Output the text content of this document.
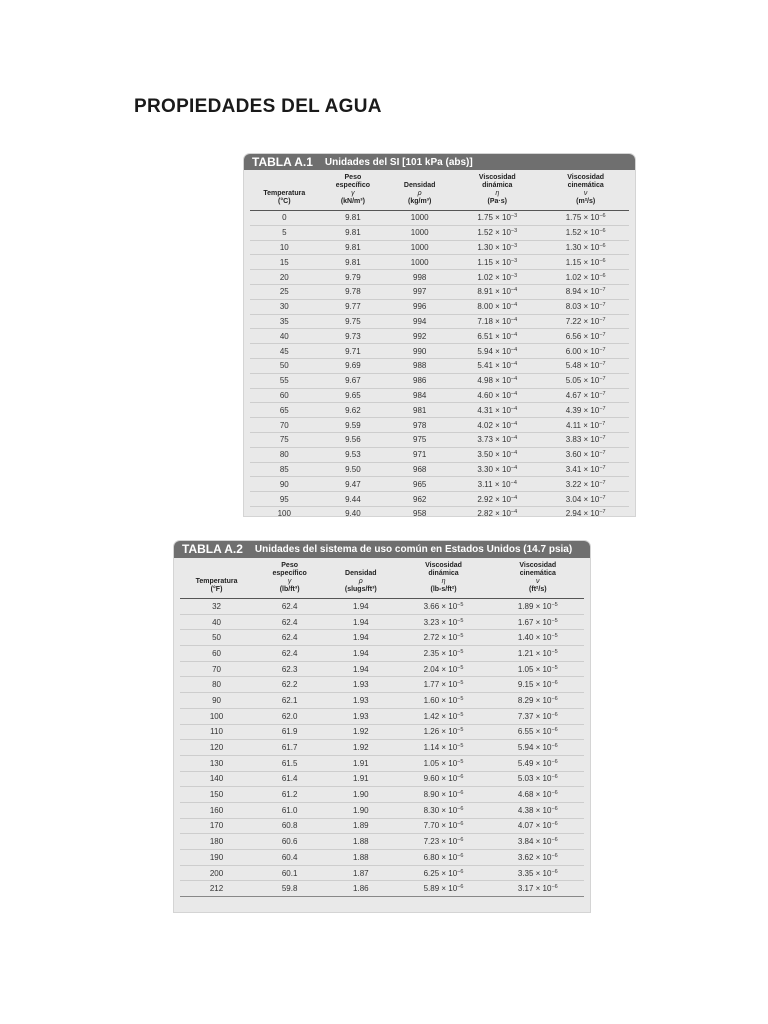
PROPIEDADES DEL AGUA
TABLA A.1 Unidades del SI [101 kPa (abs)]
Temperatura
(°C)	Peso
específico
γ
(kN/m³)	Densidad
ρ
(kg/m³)	Viscosidad
dinámica
η
(Pa·s)	Viscosidad
cinemática
ν
(m²/s)
0	9.81	1000	$1.75 \times 10^{-3}$	$1.75 \times 10^{-6}$
5	9.81	1000	$1.52 \times 10^{-3}$	$1.52 \times 10^{-6}$
10	9.81	1000	$1.30 \times 10^{-3}$	$1.30 \times 10^{-6}$
15	9.81	1000	$1.15 \times 10^{-3}$	$1.15 \times 10^{-6}$
20	9.79	998	$1.02 \times 10^{-3}$	$1.02 \times 10^{-6}$
25	9.78	997	$8.91 \times 10^{-4}$	$8.94 \times 10^{-7}$
30	9.77	996	$8.00 \times 10^{-4}$	$8.03 \times 10^{-7}$
35	9.75	994	$7.18 \times 10^{-4}$	$7.22 \times 10^{-7}$
40	9.73	992	$6.51 \times 10^{-4}$	$6.56 \times 10^{-7}$
45	9.71	990	$5.94 \times 10^{-4}$	$6.00 \times 10^{-7}$
50	9.69	988	$5.41 \times 10^{-4}$	$5.48 \times 10^{-7}$
55	9.67	986	$4.98 \times 10^{-4}$	$5.05 \times 10^{-7}$
60	9.65	984	$4.60 \times 10^{-4}$	$4.67 \times 10^{-7}$
65	9.62	981	$4.31 \times 10^{-4}$	$4.39 \times 10^{-7}$
70	9.59	978	$4.02 \times 10^{-4}$	$4.11 \times 10^{-7}$
75	9.56	975	$3.73 \times 10^{-4}$	$3.83 \times 10^{-7}$
80	9.53	971	$3.50 \times 10^{-4}$	$3.60 \times 10^{-7}$
85	9.50	968	$3.30 \times 10^{-4}$	$3.41 \times 10^{-7}$
90	9.47	965	$3.11 \times 10^{-4}$	$3.22 \times 10^{-7}$
95	9.44	962	$2.92 \times 10^{-4}$	$3.04 \times 10^{-7}$
100	9.40	958	$2.82 \times 10^{-4}$	$2.94 \times 10^{-7}$
TABLA A.2 Unidades del sistema de uso común en Estados Unidos (14.7 psia)
Temperatura
(°F)	Peso
específico
γ
(lb/ft³)	Densidad
ρ
(slugs/ft³)	Viscosidad
dinámica
η
(lb-s/ft²)	Viscosidad
cinemática
ν
(ft²/s)
32	62.4	1.94	$3.66 \times 10^{-5}$	$1.89 \times 10^{-5}$
40	62.4	1.94	$3.23 \times 10^{-5}$	$1.67 \times 10^{-5}$
50	62.4	1.94	$2.72 \times 10^{-5}$	$1.40 \times 10^{-5}$
60	62.4	1.94	$2.35 \times 10^{-5}$	$1.21 \times 10^{-5}$
70	62.3	1.94	$2.04 \times 10^{-5}$	$1.05 \times 10^{-5}$
80	62.2	1.93	$1.77 \times 10^{-5}$	$9.15 \times 10^{-6}$
90	62.1	1.93	$1.60 \times 10^{-5}$	$8.29 \times 10^{-6}$
100	62.0	1.93	$1.42 \times 10^{-5}$	$7.37 \times 10^{-6}$
110	61.9	1.92	$1.26 \times 10^{-5}$	$6.55 \times 10^{-6}$
120	61.7	1.92	$1.14 \times 10^{-5}$	$5.94 \times 10^{-6}$
130	61.5	1.91	$1.05 \times 10^{-5}$	$5.49 \times 10^{-6}$
140	61.4	1.91	$9.60 \times 10^{-6}$	$5.03 \times 10^{-6}$
150	61.2	1.90	$8.90 \times 10^{-6}$	$4.68 \times 10^{-6}$
160	61.0	1.90	$8.30 \times 10^{-6}$	$4.38 \times 10^{-6}$
170	60.8	1.89	$7.70 \times 10^{-6}$	$4.07 \times 10^{-6}$
180	60.6	1.88	$7.23 \times 10^{-6}$	$3.84 \times 10^{-6}$
190	60.4	1.88	$6.80 \times 10^{-6}$	$3.62 \times 10^{-6}$
200	60.1	1.87	$6.25 \times 10^{-6}$	$3.35 \times 10^{-6}$
212	59.8	1.86	$5.89 \times 10^{-6}$	$3.17 \times 10^{-6}$
